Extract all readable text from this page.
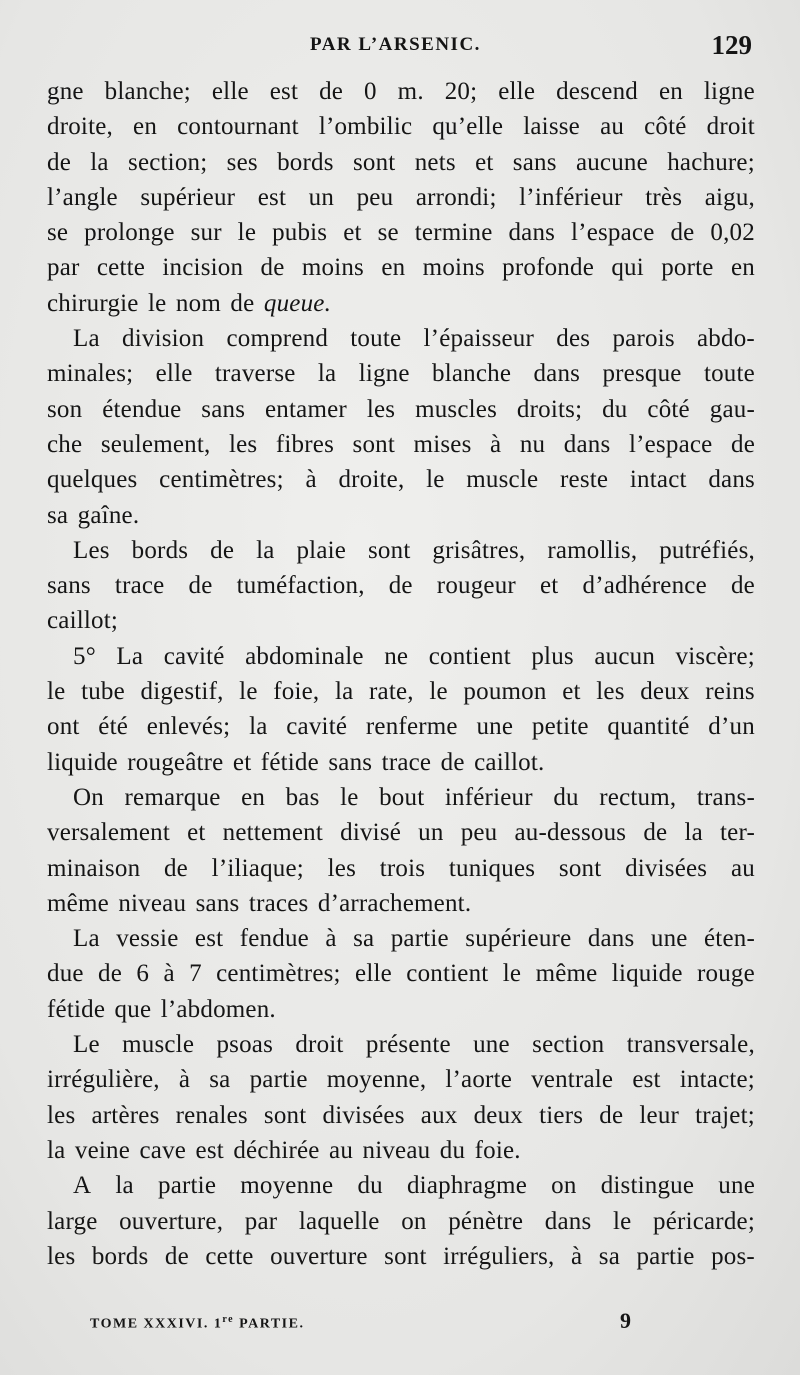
PAR L’ARSENIC.	129
gne blanche; elle est de 0 m. 20; elle descend en ligne
droite, en contournant l’ombilic qu’elle laisse au côté droit
de la section; ses bords sont nets et sans aucune hachure;
l’angle supérieur est un peu arrondi; l’inférieur très aigu,
se prolonge sur le pubis et se termine dans l’espace de 0,02
par cette incision de moins en moins profonde qui porte en
chirurgie le nom de
queue.
La division comprend toute l’épaisseur des parois abdo-
minales; elle traverse la ligne blanche dans presque toute
son étendue sans entamer les muscles droits; du côté gau-
che seulement, les fibres sont mises à nu dans l’espace de
quelques centimètres; à droite, le muscle reste intact dans
sa gaîne.
Les bords de la plaie sont grisâtres, ramollis, putréfiés,
sans trace de tuméfaction, de rougeur et d’adhérence de
caillot;
5° La cavité abdominale ne contient plus aucun viscère;
le tube digestif, le foie, la rate, le poumon et les deux reins
ont été enlevés; la cavité renferme une petite quantité d’un
liquide rougeâtre et fétide sans trace de caillot.
On remarque en bas le bout inférieur du rectum, trans-
versalement et nettement divisé un peu au-dessous de la ter-
minaison de l’iliaque; les trois tuniques sont divisées au
même niveau sans traces d’arrachement.
La vessie est fendue à sa partie supérieure dans une éten-
due de 6 à 7 centimètres; elle contient le même liquide rouge
fétide que l’abdomen.
Le muscle psoas droit présente une section transversale,
irrégulière, à sa partie moyenne, l’aorte ventrale est intacte;
les artères renales sont divisées aux deux tiers de leur trajet;
la veine cave est déchirée au niveau du foie.
A la partie moyenne du diaphragme on distingue une
large ouverture, par laquelle on pénètre dans le péricarde;
les bords de cette ouverture sont irréguliers, à sa partie pos-
TOME XXXIVI. 1re PARTIE.	9
